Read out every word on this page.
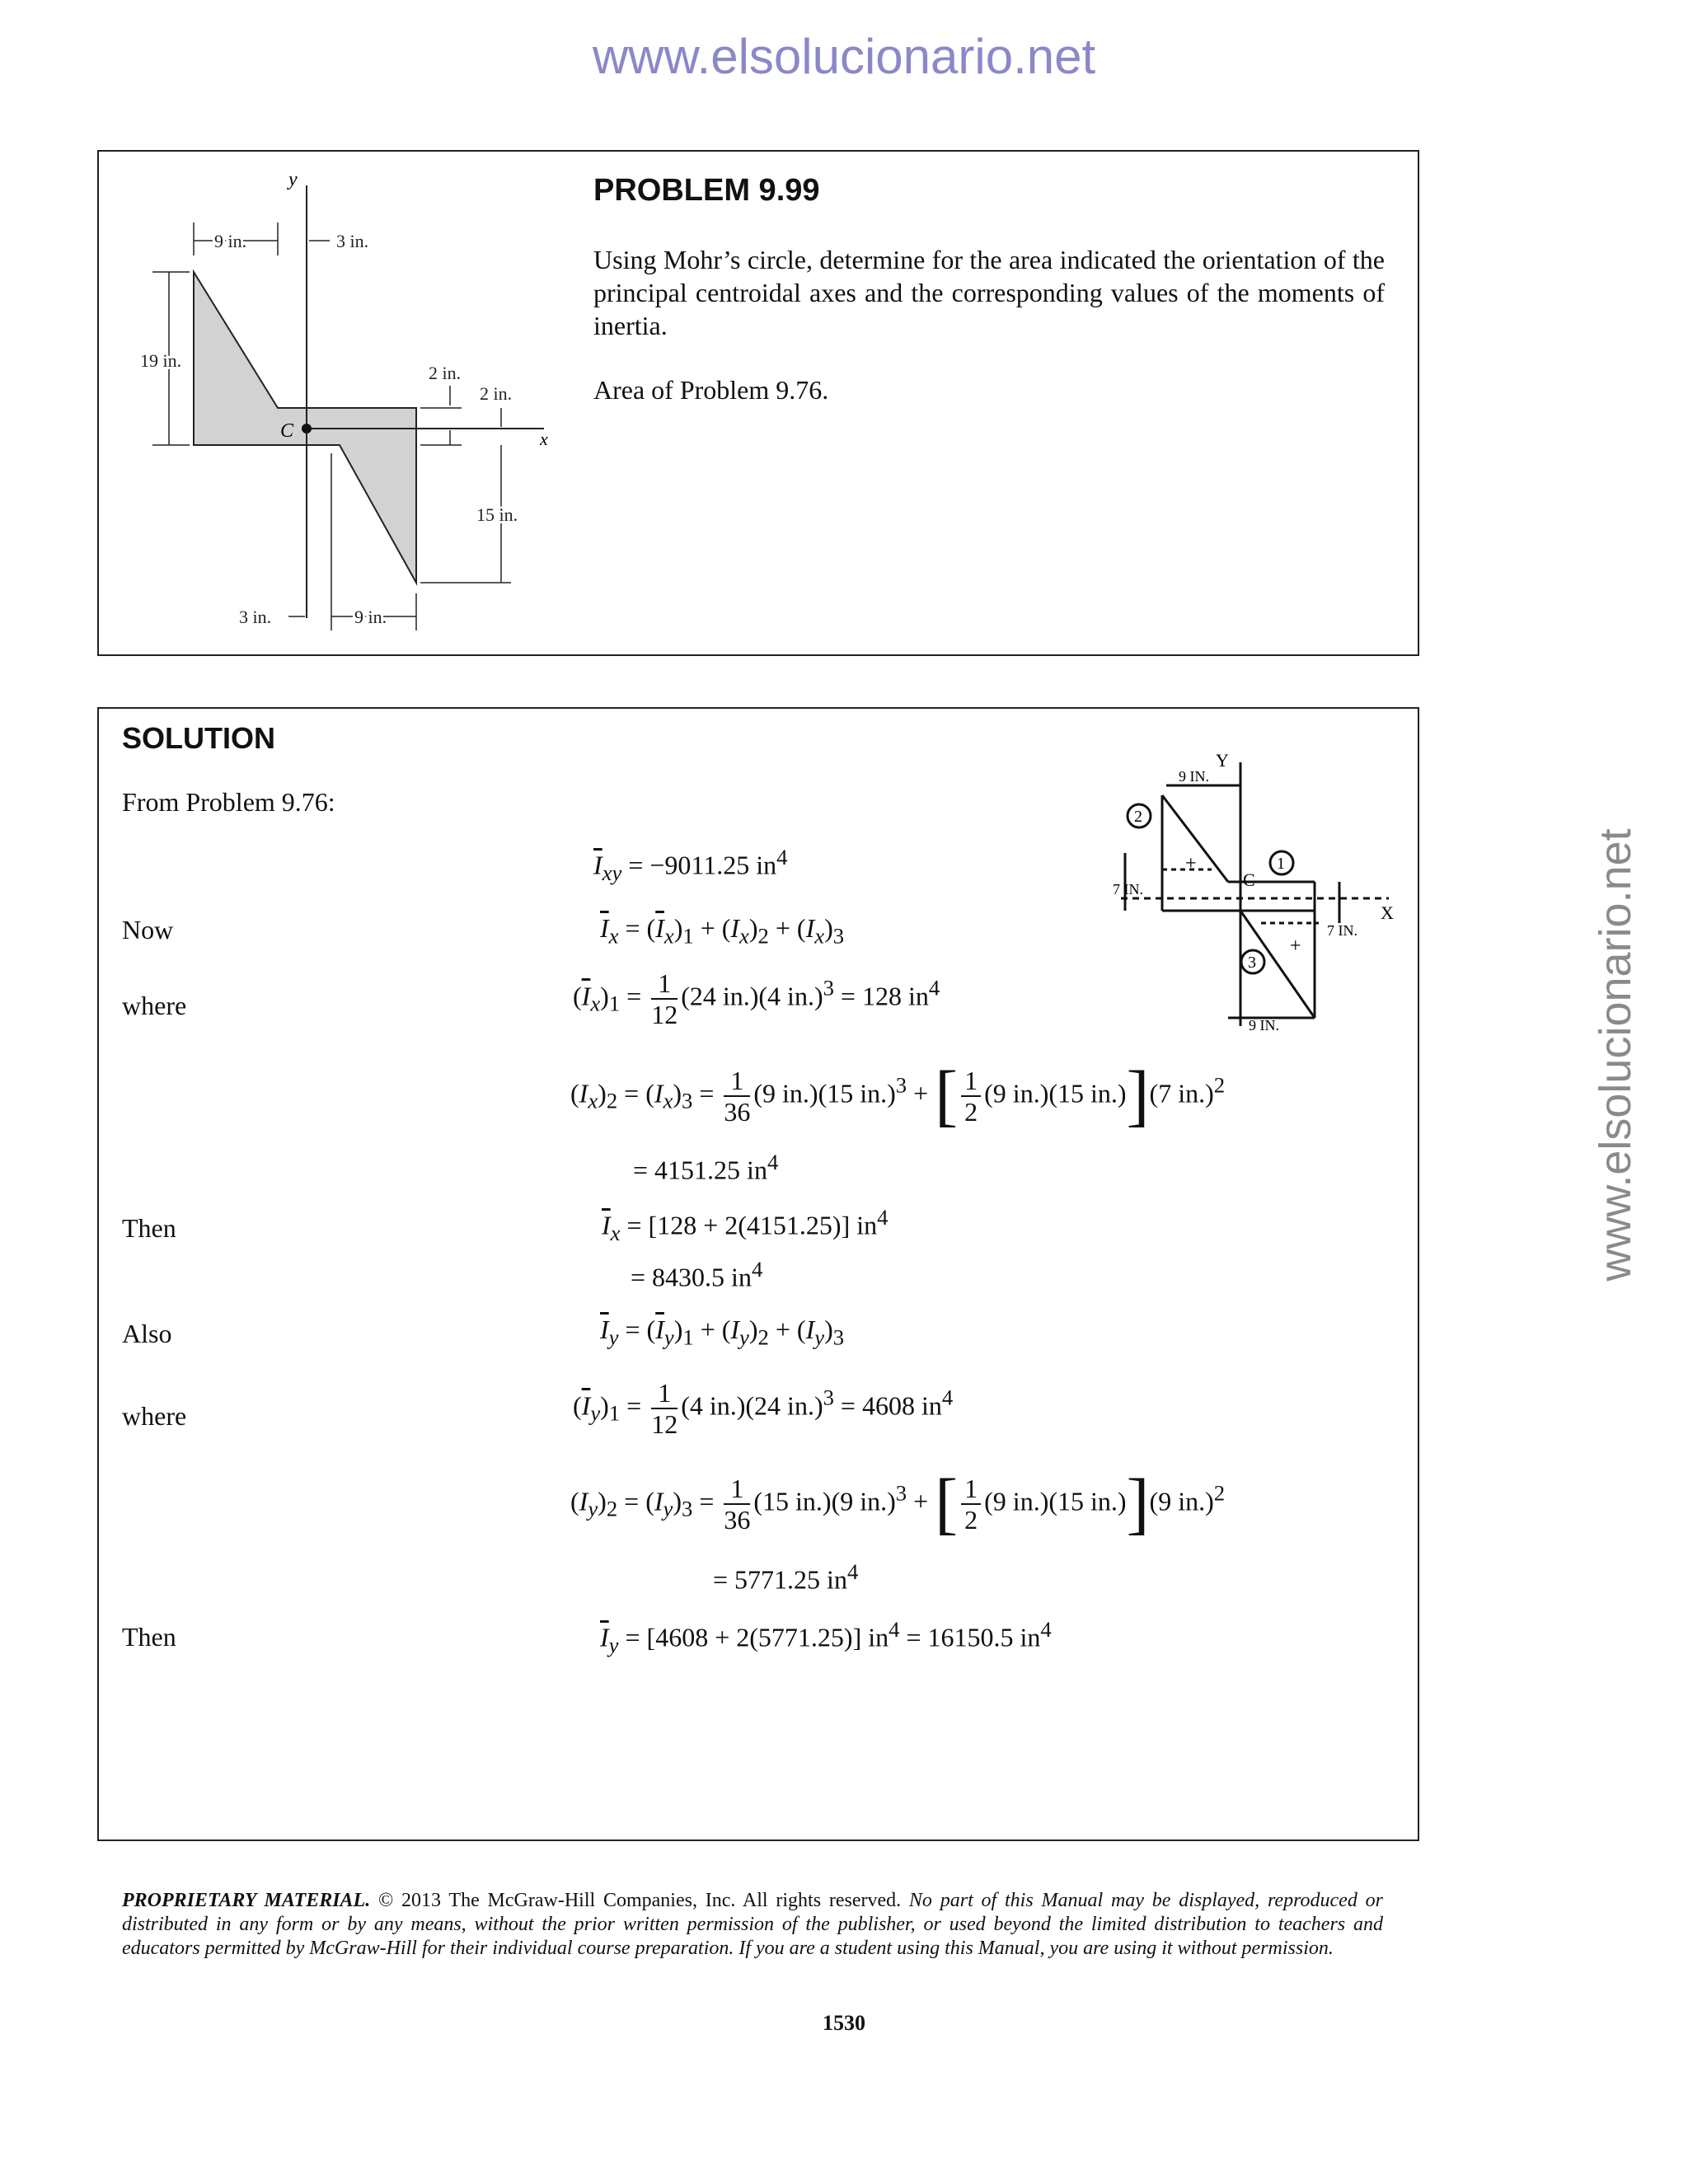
www.elsolucionario.net
www.elsolucionario.net
y
x
C
9 in.	3 in.
19 in.
2 in.
2 in.
15 in.
9 in.
3 in.
PROBLEM 9.99
Using Mohr’s circle, determine for the area indicated the orientation of the principal centroidal axes and the corresponding values of the moments of inertia.
Area of Problem 9.76.
SOLUTION
Y
X
C
2
1
3
+
+
9 IN.
7 IN.
7 IN.
9 IN.
From Problem 9.76:
Now
where
Then
Also
where
Then
$\overline{I}_{xy} = -9011.25$ $in^4$
$\overline{I}_x = (\overline{I}_x)_1 + (I_x)_2 + (I_x)_3$
$(\overline{I}_x)_1 = \frac{1}{12} (24$ in.)(4 in.)$^3$ = 128 $in^4$
$(I_x)_2 = (I_x)_3 = \frac{1}{36} (9$ in.)(15 in.)$^3$ + [ $\frac{1}{2} (9$ in.)(15 in.)](7 in.)$^2$
= 4151.25 $in^4$
$\overline{I}_x = [128 + 2(4151.25)]$ $in^4$
= 8430.5 $in^4$
$\overline{I}_y = (\overline{I}_y)_1 + (I_y)_2 + (I_y)_3$
$(\overline{I}_y)_1 = \frac{1}{12} (4$ in.)(24 in.)$^3$ = 4608 $in^4$
$(I_y)_2 = (I_y)_3 = \frac{1}{36} (15$ in.)(9 in.)$^3$ + [ $\frac{1}{2} (9$ in.)(15 in.)](9 in.)$^2$
= 5771.25 $in^4$
$\overline{I}_y = [4608 + 2(5771.25)] in^4 = 16150.5$ $in^4$
PROPRIETARY MATERIAL. © 2013 The McGraw-Hill Companies, Inc. All rights reserved. No part of this Manual may be displayed, reproduced or distributed in any form or by any means, without the prior written permission of the publisher, or used beyond the limited distribution to teachers and educators permitted by McGraw-Hill for their individual course preparation. If you are a student using this Manual, you are using it without permission.
1530
